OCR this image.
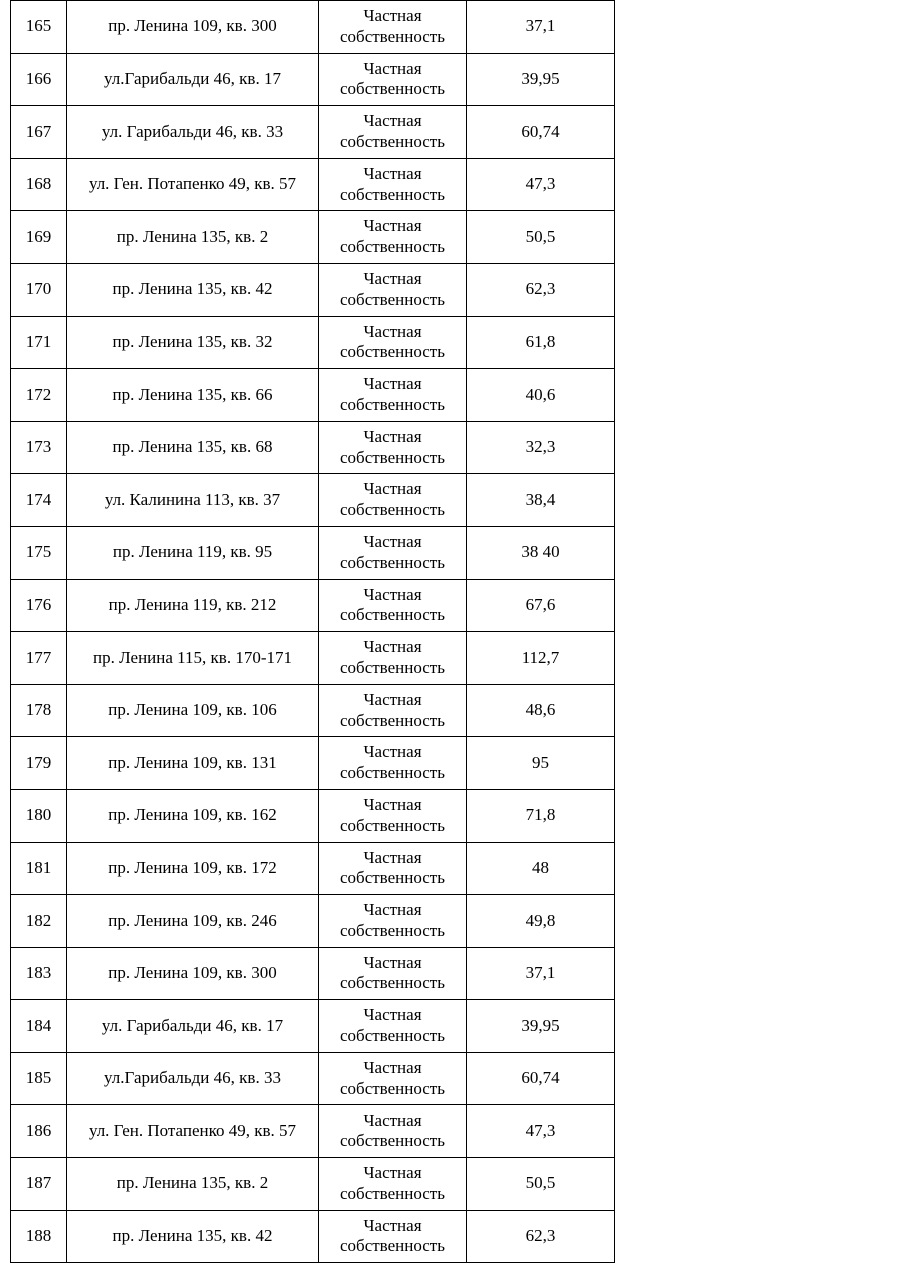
165	пр. Ленина 109, кв. 300	Частная собственность	37,1
166	ул.Гарибальди 46, кв. 17	Частная собственность	39,95
167	ул. Гарибальди 46, кв. 33	Частная собственность	60,74
168	ул. Ген. Потапенко 49, кв. 57	Частная собственность	47,3
169	пр. Ленина 135, кв. 2	Частная собственность	50,5
170	пр. Ленина 135, кв. 42	Частная собственность	62,3
171	пр. Ленина 135, кв. 32	Частная собственность	61,8
172	пр. Ленина 135, кв. 66	Частная собственность	40,6
173	пр. Ленина 135, кв. 68	Частная собственность	32,3
174	ул. Калинина 113, кв. 37	Частная собственность	38,4
175	пр. Ленина 119, кв. 95	Частная собственность	38 40
176	пр. Ленина 119, кв. 212	Частная собственность	67,6
177	пр. Ленина 115, кв. 170-171	Частная собственность	112,7
178	пр. Ленина 109, кв. 106	Частная собственность	48,6
179	пр. Ленина 109, кв. 131	Частная собственность	95
180	пр. Ленина 109, кв. 162	Частная собственность	71,8
181	пр. Ленина 109, кв. 172	Частная собственность	48
182	пр. Ленина 109, кв. 246	Частная собственность	49,8
183	пр. Ленина 109, кв. 300	Частная собственность	37,1
184	ул. Гарибальди 46, кв. 17	Частная собственность	39,95
185	ул.Гарибальди 46, кв. 33	Частная собственность	60,74
186	ул. Ген. Потапенко 49, кв. 57	Частная собственность	47,3
187	пр. Ленина 135, кв. 2	Частная собственность	50,5
188	пр. Ленина 135, кв. 42	Частная собственность	62,3
